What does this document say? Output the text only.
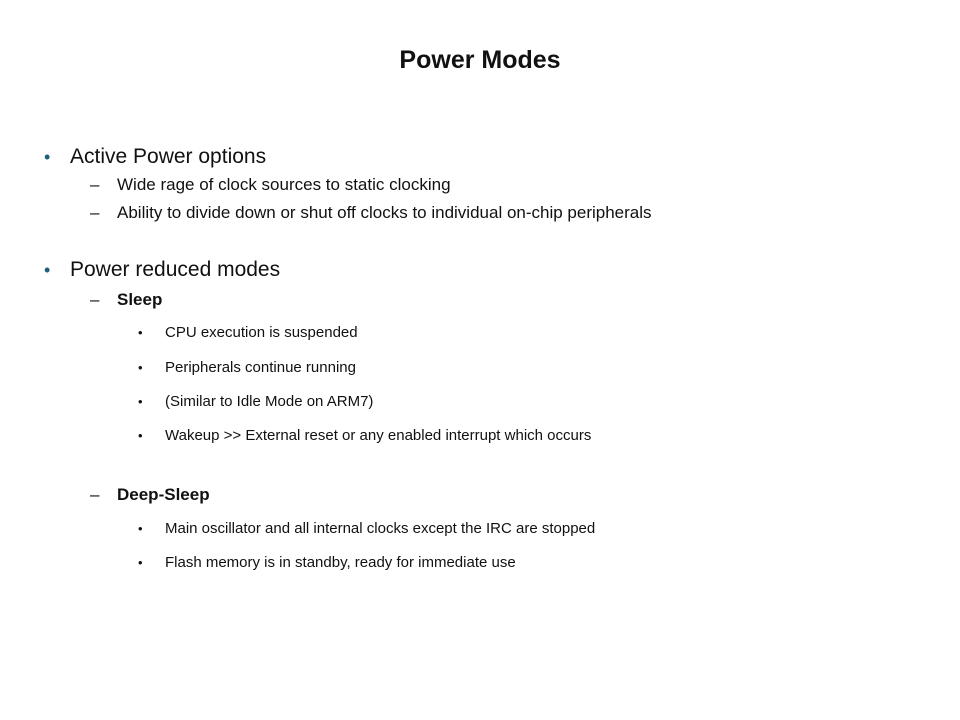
Power Modes
• Active Power options
–	Wide rage of clock sources to static clocking
–	Ability to divide down or shut off clocks to individual on-chip peripherals
• Power reduced modes
–	Sleep
•	CPU execution is suspended
•	Peripherals continue running
•	(Similar to Idle Mode on ARM7)
•	Wakeup >> External reset or any enabled interrupt which occurs
–	Deep-Sleep
•	Main oscillator and all internal clocks except the IRC are stopped
•	Flash memory is in standby, ready for immediate use
